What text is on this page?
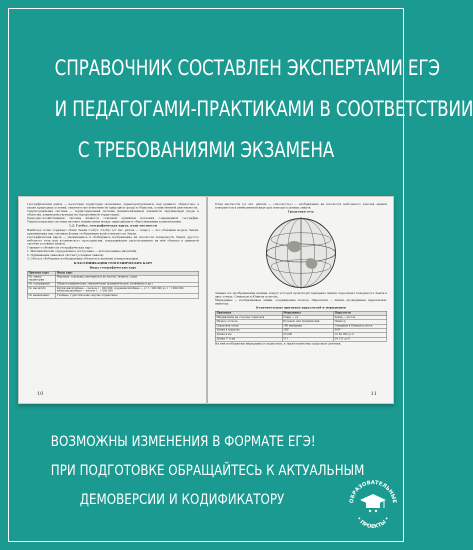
СПРАВОЧНИК СОСТАВЛЕН ЭКСПЕРТАМИ ЕГЭ
И ПЕДАГОГАМИ-ПРАКТИКАМИ В СООТВЕТСТВИИ
С ТРЕБОВАНИЯМИ ЭКЗАМЕНА

Географический район — целостная территория (конечная), характеризующаяся, как правило, общностью, а также природных условий, типичностью компонентов природной среды и общества, хозяйственной деятельности.

Территориальная система — территориальная система (взаимосвязанных элементов окружающей среды и общества, взаимодействующих на определённой территории).

Природно-хозяйственная система является основной единицей изучения современной географии. Территориальные системы изучают взаимосвязи между природными и общественными компонентами.

1.2. Глобус, географическая карта, план местности

Наиболее точно отражает облик Земли глобус. Глобус (от лат. globus — «шар») — это объёмная модель Земли, применяемая как основная форма отображения всей поверхности Земли.

Географическая карта — уменьшенное и обобщённое изображение на плоскости поверхности Земли, другого небесного тела или космического пространства, показывающее расположенные на ней объекты в принятой системе условных знаков.

Главные особенности географических карт:

1. Математически определённое построение — использование масштаба.

2. Применение знаковых систем (условных знаков).

3. Отбор и обобщение изображаемых объектов и явлений (генерализация).

КЛАССИФИКАЦИЯ ГЕОГРАФИЧЕСКИХ КАРТ
Виды географических карт
Признак карт	Виды карт
По охвату территории	Мировые, отдельных материков и их частей, океанов, стран
По содержанию	Общегеографические, тематические (климатические, почвенные и др.)
По масштабу	Крупномасштабные — мельче 1 : 200 000; среднемасштабные — от 1 : 200 000 до 1 : 1 000 000; мелкомасштабные — мельче 1 : 1 000 000
По назначению	Учебные, туристические, научно-справочные
10

План местности (от лат. planum — «плоскость») — изображение на плоскости небольшого участка земной поверхности в уменьшенном виде при помощи условных знаков.

Градусная сеть

Земная ось (воображаемая прямая, вокруг которой происходит вращение Земли) пересекает поверхность Земли в двух точках: Северном и Южном полюсах.

Меридианы — воображаемые линии, соединяющие полюса. Параллели — линии, проведённые параллельно экватору.

Отличительные признаки параллелей и меридианов
Признаки	Меридианы	Параллели
Направление на стороны горизонта	Север — юг	Запад — восток
Начало отсчёта	Нулевой, или Гринвичский	Экватор
Градусная сетка	180 меридиан	Северный и Южный полюса
Длина в градусах	180°	360°
Длина в км	20 000	От 40 000 до 0
Длина 1° в км	111	От 111 до 0

На ней изображены меридианы и параллели, а также нанесены градусные деления.

11
ВОЗМОЖНЫ ИЗМЕНЕНИЯ В ФОРМАТЕ ЕГЭ!
ПРИ ПОДГОТОВКЕ ОБРАЩАЙТЕСЬ К АКТУАЛЬНЫМ
ДЕМОВЕРСИИ И КОДИФИКАТОРУ	ОБРАЗОВАТЕЛЬНЫЕ
• ПРОЕКТЫ •
